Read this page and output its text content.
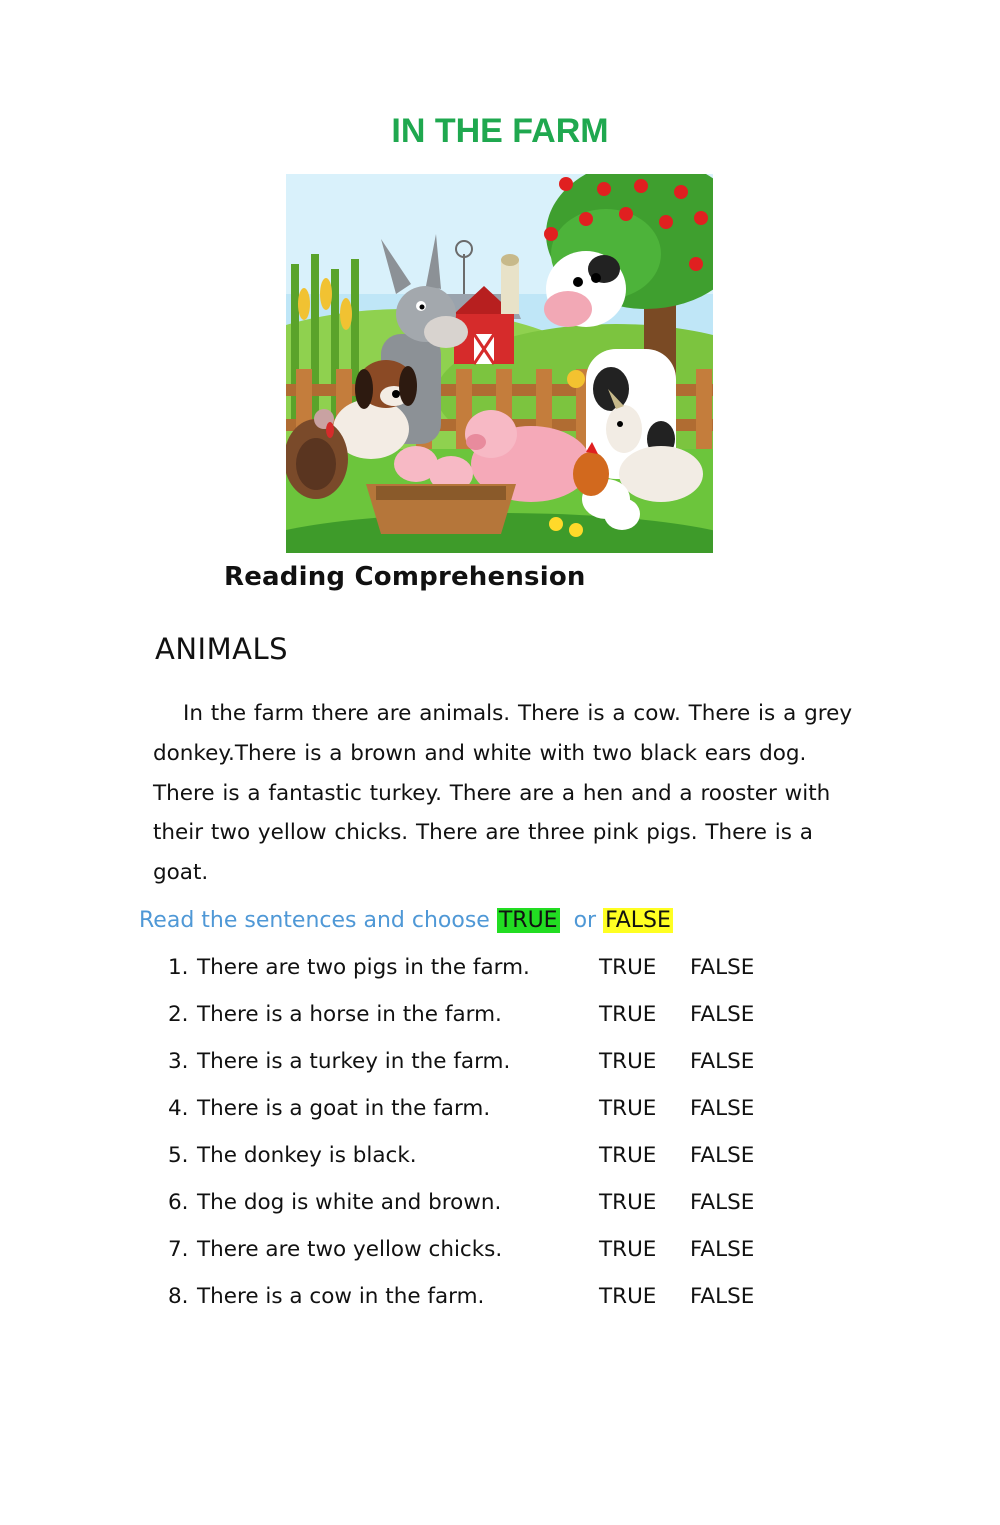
IN THE FARM
Reading Comprehension
ANIMALS
In the farm there are animals. There is a cow. There is a grey donkey.There is a brown and white with two black ears dog. There is a fantastic turkey. There are a hen and a rooster with their two yellow chicks. There are three pink pigs. There is a goat.
Read the sentences and choose TRUE  or FALSE
1. There are two pigs in the farm.	TRUE FALSE
2. There is a horse in the farm.	TRUE FALSE
3. There is a turkey in the farm.	TRUE FALSE
4. There is a goat in the farm.	TRUE FALSE
5. The donkey is black.	TRUE FALSE
6. The dog is white and brown.	TRUE FALSE
7. There are two yellow chicks.	TRUE FALSE
8. There is a cow in the farm.	TRUE FALSE
